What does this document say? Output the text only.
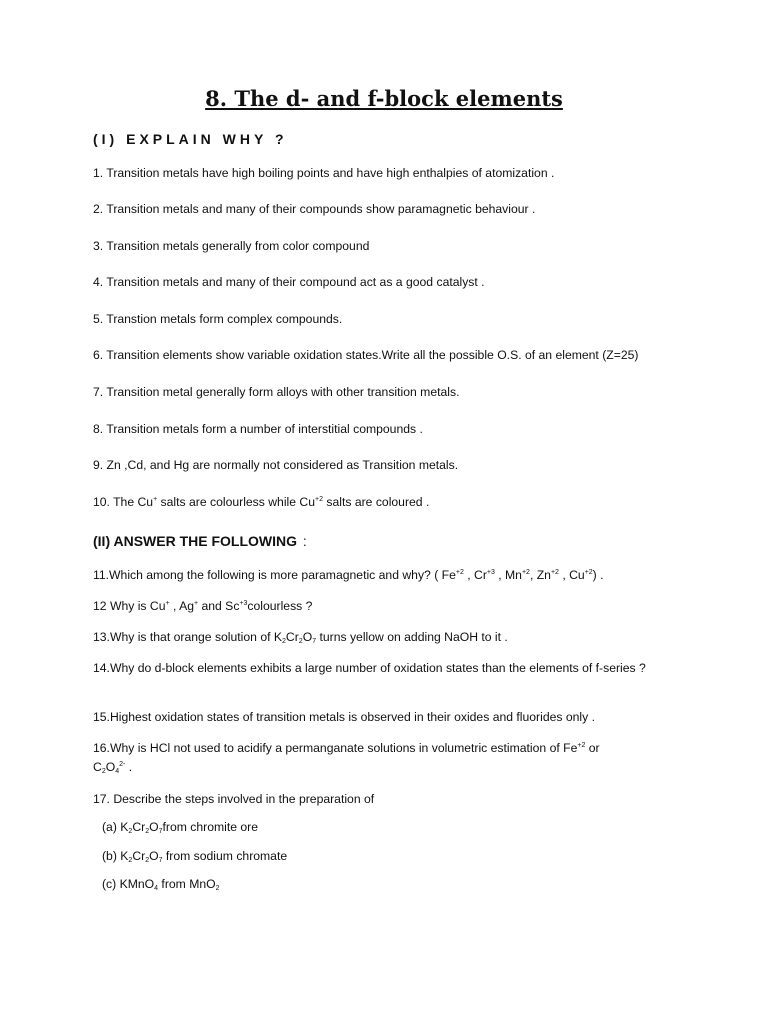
8. The d- and f-block elements
(I) EXPLAIN WHY ?
1. Transition metals have high boiling points and have high enthalpies of atomization .
2. Transition metals and many of their compounds show paramagnetic behaviour .
3. Transition metals generally from color compound
4. Transition metals and many of their compound act as a good catalyst .
5. Transtion metals form complex compounds.
6. Transition elements show variable oxidation states.Write all the possible O.S. of an element (Z=25)
7. Transition metal generally form alloys with other transition metals.
8. Transition metals form a number of interstitial compounds .
9. Zn ,Cd, and Hg are normally not considered as Transition metals.
10. The Cu+ salts are colourless while $Cu^{+2}$ salts are coloured .
(II) ANSWER THE FOLLOWING :
11.Which among the following is more paramagnetic and why? ( $Fe^{+2}$ , $Cr^{+3}$ , $Mn^{+2}$, $Zn^{+2}$ , $Cu^{+2}$) .
12 Why is Cu+ , Ag+ and $Sc^{+3}colourless$ ?
13.Why is that orange solution of $K_2Cr_2O_7$ turns yellow on adding NaOH to it .
14.Why do d-block elements exhibits a large number of oxidation states than the elements of f-series ?
15.Highest oxidation states of transition metals is observed in their oxides and fluorides only .
16.Why is HCl not used to acidify a permanganate solutions in volumetric estimation of $Fe^{+2}$ or
$C_2O_4^{2-}$ .
17. Describe the steps involved in the preparation of
(a) $K_2Cr_2O_7from$ chromite ore
(b) $K_2Cr_2O_7$ from sodium chromate
(c) KMnO$_4$ from MnO$_2$
